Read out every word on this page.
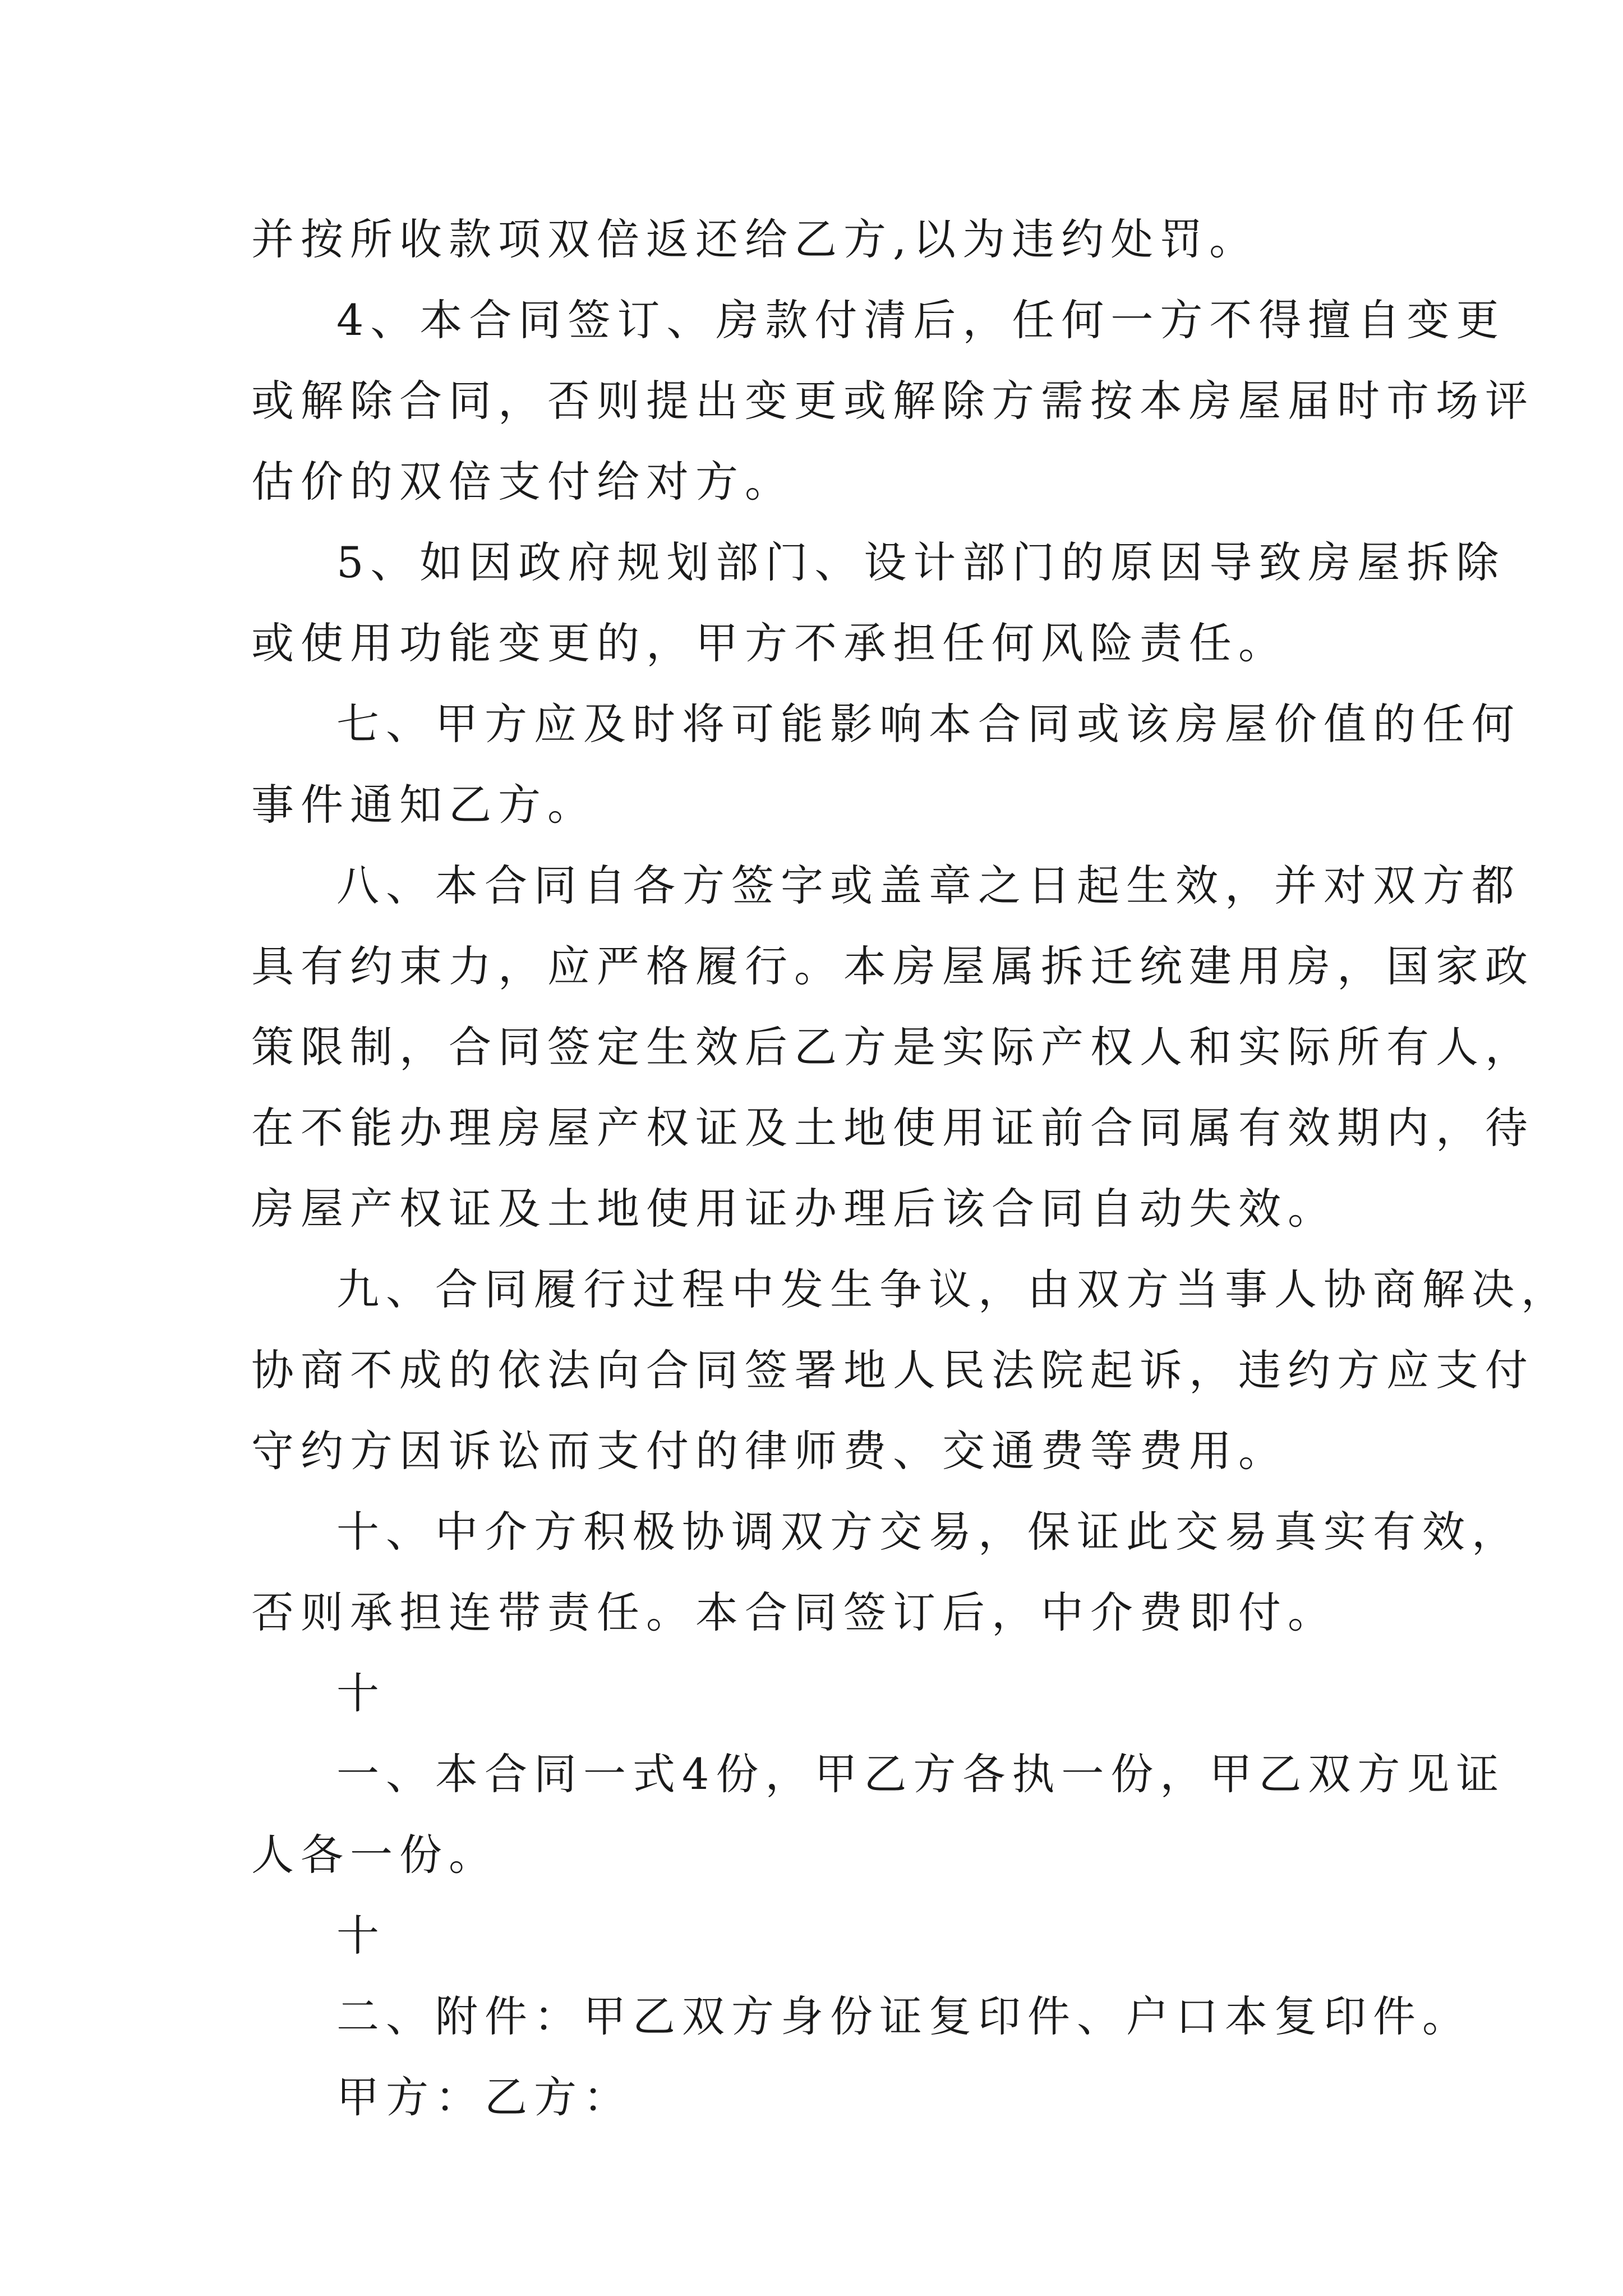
并按所收款项双倍返还给乙方,以为违约处罚。
4、本合同签订、房款付清后，任何一方不得擅自变更
或解除合同，否则提出变更或解除方需按本房屋届时市场评
估价的双倍支付给对方。
5、如因政府规划部门、设计部门的原因导致房屋拆除
或使用功能变更的，甲方不承担任何风险责任。
七、甲方应及时将可能影响本合同或该房屋价值的任何
事件通知乙方。
八、本合同自各方签字或盖章之日起生效，并对双方都
具有约束力，应严格履行。本房屋属拆迁统建用房，国家政
策限制，合同签定生效后乙方是实际产权人和实际所有人，
在不能办理房屋产权证及土地使用证前合同属有效期内，待
房屋产权证及土地使用证办理后该合同自动失效。
九、合同履行过程中发生争议，由双方当事人协商解决，
协商不成的依法向合同签署地人民法院起诉，违约方应支付
守约方因诉讼而支付的律师费、交通费等费用。
十、中介方积极协调双方交易，保证此交易真实有效，
否则承担连带责任。本合同签订后，中介费即付。
十
一、本合同一式4份，甲乙方各执一份，甲乙双方见证
人各一份。
十
二、附件：甲乙双方身份证复印件、户口本复印件。
甲方：乙方：
